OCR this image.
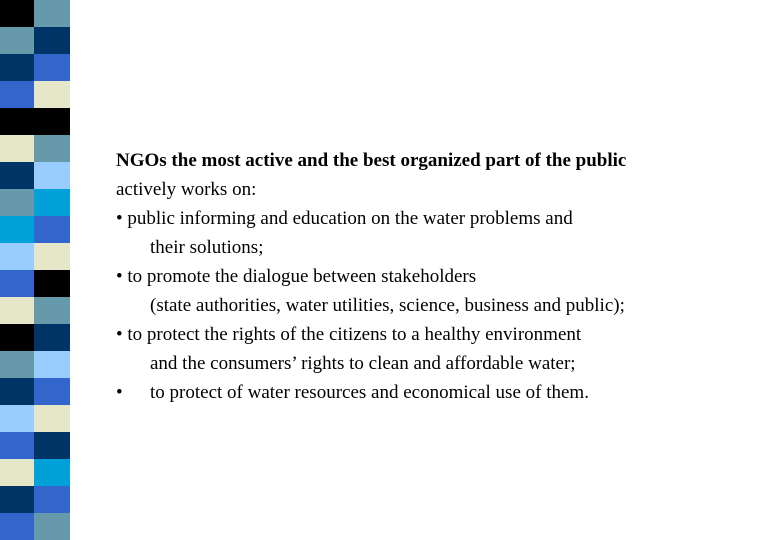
NGOs the most active and the best organized part of the public
actively works on:
• public informing and education on the water problems and
their solutions;
• to promote the dialogue between stakeholders
(state authorities, water utilities, science, business and public);
• to protect the rights of the citizens to a healthy environment
and the consumers’ rights to clean and affordable water;
• to protect of water resources and economical use of them.
